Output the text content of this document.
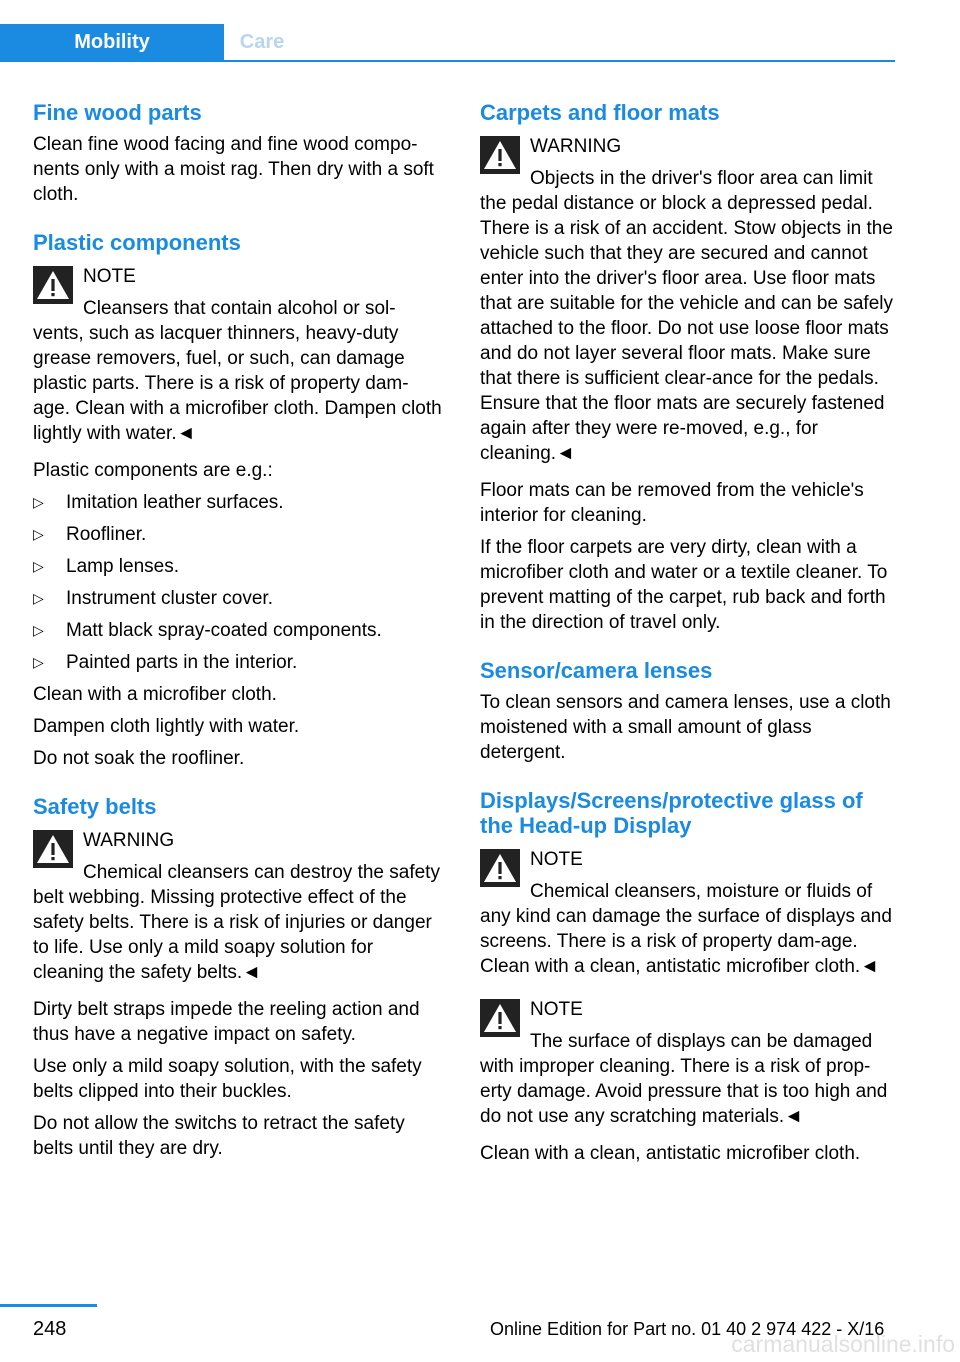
Mobility	Care
Fine wood parts

Clean fine wood facing and fine wood compo-nents only with a moist rag. Then dry with a soft cloth.

Plastic components
NOTE

Cleansers that contain alcohol or sol-vents, such as lacquer thinners, heavy-duty grease removers, fuel, or such, can damage plastic parts. There is a risk of property dam-age. Clean with a microfiber cloth. Dampen cloth lightly with water.◄

Plastic components are e.g.:

▷ Imitation leather surfaces.
▷ Roofliner.
▷ Lamp lenses.
▷ Instrument cluster cover.
▷ Matt black spray-coated components.
▷ Painted parts in the interior.

Clean with a microfiber cloth.

Dampen cloth lightly with water.

Do not soak the roofliner.

Safety belts
WARNING

Chemical cleansers can destroy the safety belt webbing. Missing protective effect of the safety belts. There is a risk of injuries or danger to life. Use only a mild soapy solution for cleaning the safety belts.◄

Dirty belt straps impede the reeling action and thus have a negative impact on safety.

Use only a mild soapy solution, with the safety belts clipped into their buckles.

Do not allow the switchs to retract the safety belts until they are dry.

Carpets and floor mats
WARNING

Objects in the driver's floor area can limit the pedal distance or block a depressed pedal. There is a risk of an accident. Stow objects in the vehicle such that they are secured and cannot enter into the driver's floor area. Use floor mats that are suitable for the vehicle and can be safely attached to the floor. Do not use loose floor mats and do not layer several floor mats. Make sure that there is sufficient clear-ance for the pedals. Ensure that the floor mats are securely fastened again after they were re-moved, e.g., for cleaning.◄

Floor mats can be removed from the vehicle's interior for cleaning.

If the floor carpets are very dirty, clean with a microfiber cloth and water or a textile cleaner. To prevent matting of the carpet, rub back and forth in the direction of travel only.

Sensor/camera lenses

To clean sensors and camera lenses, use a cloth moistened with a small amount of glass detergent.

Displays/Screens/protective glass of the Head-up Display
NOTE

Chemical cleansers, moisture or fluids of any kind can damage the surface of displays and screens. There is a risk of property dam-age. Clean with a clean, antistatic microfiber cloth.◄

NOTE

The surface of displays can be damaged with improper cleaning. There is a risk of prop-erty damage. Avoid pressure that is too high and do not use any scratching materials.◄

Clean with a clean, antistatic microfiber cloth.

248	Online Edition for Part no. 01 40 2 974 422 - X/16
carmanualsonline.info
